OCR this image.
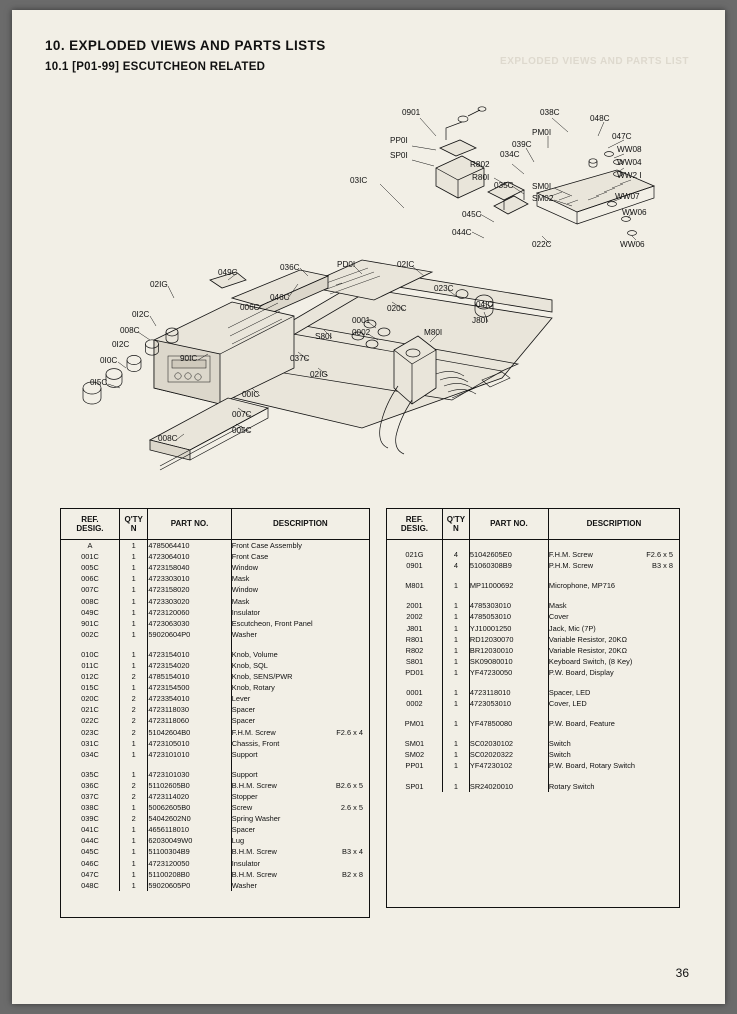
10. EXPLODED VIEWS AND PARTS LISTS
10.1 [P01-99] ESCUTCHEON RELATED	EXPLODED VIEWS AND PARTS LIST
0901
PP0I
SP0I
038C
048C
PM0I	047C
039C
WW08
034C
WW04
R802
WW2 I
R80I
03IC
035C SM0I
SM02	WW07
045C	WW06
044C
WW06
022C
036C	PD0I	02IC
049C
02IG
046C
023C
020C	04IC
0I2C
006C
J80I
008C
0001
0I2C
0002
S80I	M80I
0I0C	90IC	037C
02IG
0I5C
00IC
007C
005C
008C
REF.
DESIG.	Q'TY
N	PART NO.	DESCRIPTION
A	1	4785064410	Front Case Assembly
001C	1	4723064010	Front Case
005C	1	4723158040	Window
006C	1	4723303010	Mask
007C	1	4723158020	Window
008C	1	4723303020	Mask
049C	1	4723120060	Insulator
901C	1	4723063030	Escutcheon, Front Panel
002C	1	59020604P0	Washer

010C	1	4723154010	Knob, Volume
011C	1	4723154020	Knob, SQL
012C	2	4785154010	Knob, SENS/PWR
015C	1	4723154500	Knob, Rotary
020C	2	4723354010	Lever
021C	2	4723118030	Spacer
022C	2	4723118060	Spacer
023C	2	51042604B0	F.H.M. Screw F2.6 x 4

031C	1	4723105010	Chassis, Front
034C	1	4723101010	Support

035C	1	4723101030	Support
036C	2	51102605B0	B.H.M. Screw B2.6 x 5

037C	2	4723114020	Stopper
038C	1	50062605B0	Screw 2.6 x 5

039C	2	54042602N0	Spring Washer
041C	1	4656118010	Spacer
044C	1	62030049W0	Lug
045C	1	51100304B9	B.H.M. Screw B3 x 4

046C	1	4723120050	Insulator
047C	1	51100208B0	B.H.M. Screw B2 x 8

048C	1	59020605P0	Washer
REF.
DESIG.	Q'TY
N	PART NO.	DESCRIPTION

021G	4	51042605E0	F.H.M. Screw F2.6 x 5

0901	4	51060308B9	P.H.M. Screw B3 x 8

M801	1	MP11000692	Microphone, MP716

2001	1	4785303010	Mask
2002	1	4785053010	Cover
J801	1	YJ10001250	Jack, Mic (7P)
R801	1	RD12030070	Variable Resistor, 20KΩ
R802	1	BR12030010	Variable Resistor, 20KΩ
S801	1	SK09080010	Keyboard Switch, (8 Key)
PD01	1	YF47230050	P.W. Board, Display

0001	1	4723118010	Spacer, LED
0002	1	4723053010	Cover, LED

PM01	1	YF47850080	P.W. Board, Feature

SM01	1	SC02030102	Switch
SM02	1	SC02020322	Switch
PP01	1	YF47230102	P.W. Board, Rotary Switch

SP01	1	SR24020010	Rotary Switch
36
